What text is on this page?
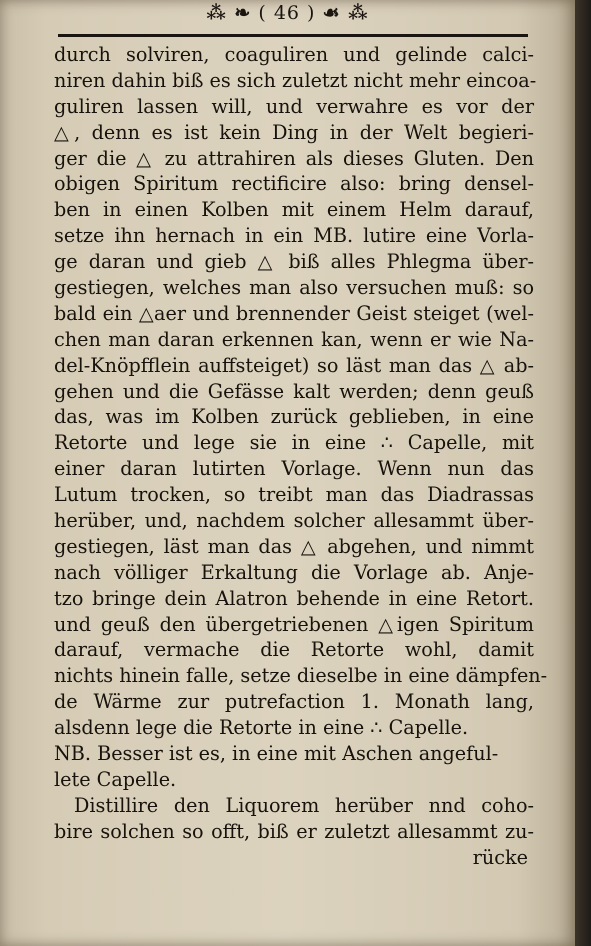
⁂ ❧ ( 46 ) ☙ ⁂
durch solviren, coaguliren und gelinde calci-
niren dahin biß es sich zuletzt nicht mehr eincoa-
guliren lassen will, und verwahre es vor der
△, denn es ist kein Ding in der Welt begieri-
ger die △ zu attrahiren als dieses Gluten. Den
obigen Spiritum rectificire also: bring densel-
ben in einen Kolben mit einem Helm darauf,
setze ihn hernach in ein MB. lutire eine Vorla-
ge daran und gieb △ biß alles Phlegma über-
gestiegen, welches man also versuchen muß: so
bald ein △aer und brennender Geist steiget (wel-
chen man daran erkennen kan, wenn er wie Na-
del-Knöpfflein auffsteiget) so läst man das △ ab-
gehen und die Gefässe kalt werden; denn geuß
das, was im Kolben zurück geblieben, in eine
Retorte und lege sie in eine ∴ Capelle, mit
einer daran lutirten Vorlage. Wenn nun das
Lutum trocken, so treibt man das Diadrassas
herüber, und, nachdem solcher allesammt über-
gestiegen, läst man das △ abgehen, und nimmt
nach völliger Erkaltung die Vorlage ab. Anje-
tzo bringe dein Alatron behende in eine Retort.
und geuß den übergetriebenen △igen Spiritum
darauf, vermache die Retorte wohl, damit
nichts hinein falle, setze dieselbe in eine dämpfen-
de Wärme zur putrefaction 1. Monath lang,
alsdenn lege die Retorte in eine ∴ Capelle.
NB. Besser ist es, in eine mit Aschen angeful-
lete Capelle.
Distillire den Liquorem herüber nnd coho-
bire solchen so offt, biß er zuletzt allesammt zu-
rücke
